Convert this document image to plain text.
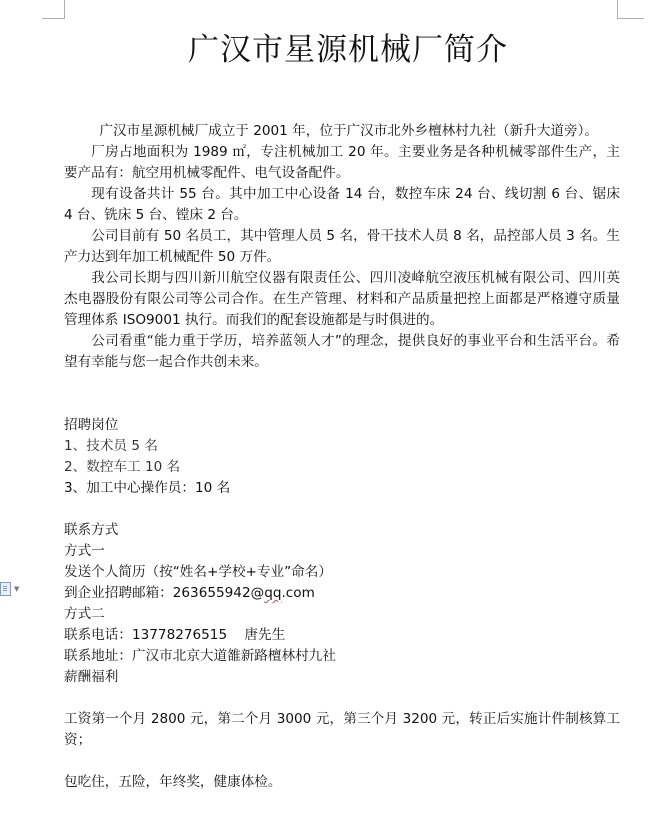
▼
广汉市星源机械厂简介

广汉市星源机械厂成立于 2001 年，位于广汉市北外乡檀林村九社（新升大道旁）。

厂房占地面积为 1989 ㎡，专注机械加工 20 年。主要业务是各种机械零部件生产，主要产品有：航空用机械零配件、电气设备配件。

现有设备共计 55 台。其中加工中心设备 14 台，数控车床 24 台、线切割 6 台、锯床 4 台、铣床 5 台、镗床 2 台。

公司目前有 50 名员工，其中管理人员 5 名，骨干技术人员 8 名，品控部人员 3 名。生产力达到年加工机械配件 50 万件。

我公司长期与四川新川航空仪器有限责任公、四川凌峰航空液压机械有限公司、四川英杰电器股份有限公司等公司合作。在生产管理、材料和产品质量把控上面都是严格遵守质量管理体系 ISO9001 执行。而我们的配套设施都是与时俱进的。

公司看重“能力重于学历，培养蓝领人才”的理念，提供良好的事业平台和生活平台。希望有幸能与您一起合作共创未来。

招聘岗位

1、技术员 5 名

2、数控车工 10 名

3、加工中心操作员：10 名

联系方式

方式一

发送个人简历（按“姓名+学校+专业”命名）

到企业招聘邮箱：263655942@qq.com

方式二

联系电话：13778276515    唐先生

联系地址：广汉市北京大道雒新路檀林村九社

薪酬福利

工资第一个月 2800 元，第二个月 3000 元，第三个月 3200 元，转正后实施计件制核算工资；

包吃住，五险，年终奖，健康体检。
